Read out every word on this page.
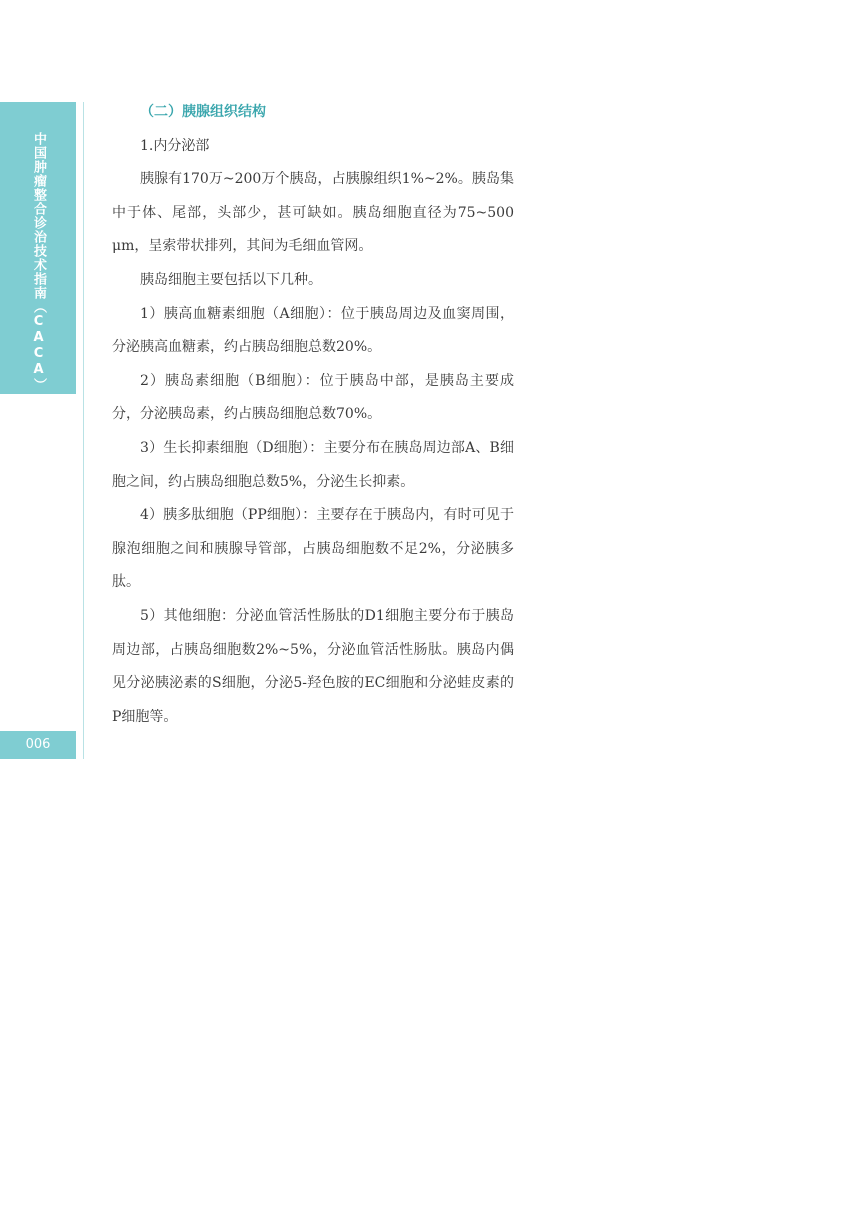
中国肿瘤整合诊治技术指南（CACA）
006

（二）胰腺组织结构

1.内分泌部

胰腺有170万~200万个胰岛，占胰腺组织1%~2%。胰岛集中于体、尾部，头部少，甚可缺如。胰岛细胞直径为75~500 μm，呈索带状排列，其间为毛细血管网。

胰岛细胞主要包括以下几种。

1）胰高血糖素细胞（A细胞）：位于胰岛周边及血窦周围，分泌胰高血糖素，约占胰岛细胞总数20%。

2）胰岛素细胞（B细胞）：位于胰岛中部，是胰岛主要成分，分泌胰岛素，约占胰岛细胞总数70%。

3）生长抑素细胞（D细胞）：主要分布在胰岛周边部A、B细胞之间，约占胰岛细胞总数5%，分泌生长抑素。

4）胰多肽细胞（PP细胞）：主要存在于胰岛内，有时可见于腺泡细胞之间和胰腺导管部，占胰岛细胞数不足2%，分泌胰多肽。

5）其他细胞：分泌血管活性肠肽的D1细胞主要分布于胰岛周边部，占胰岛细胞数2%~5%，分泌血管活性肠肽。胰岛内偶见分泌胰泌素的S细胞，分泌5-羟色胺的EC细胞和分泌蛙皮素的P细胞等。
